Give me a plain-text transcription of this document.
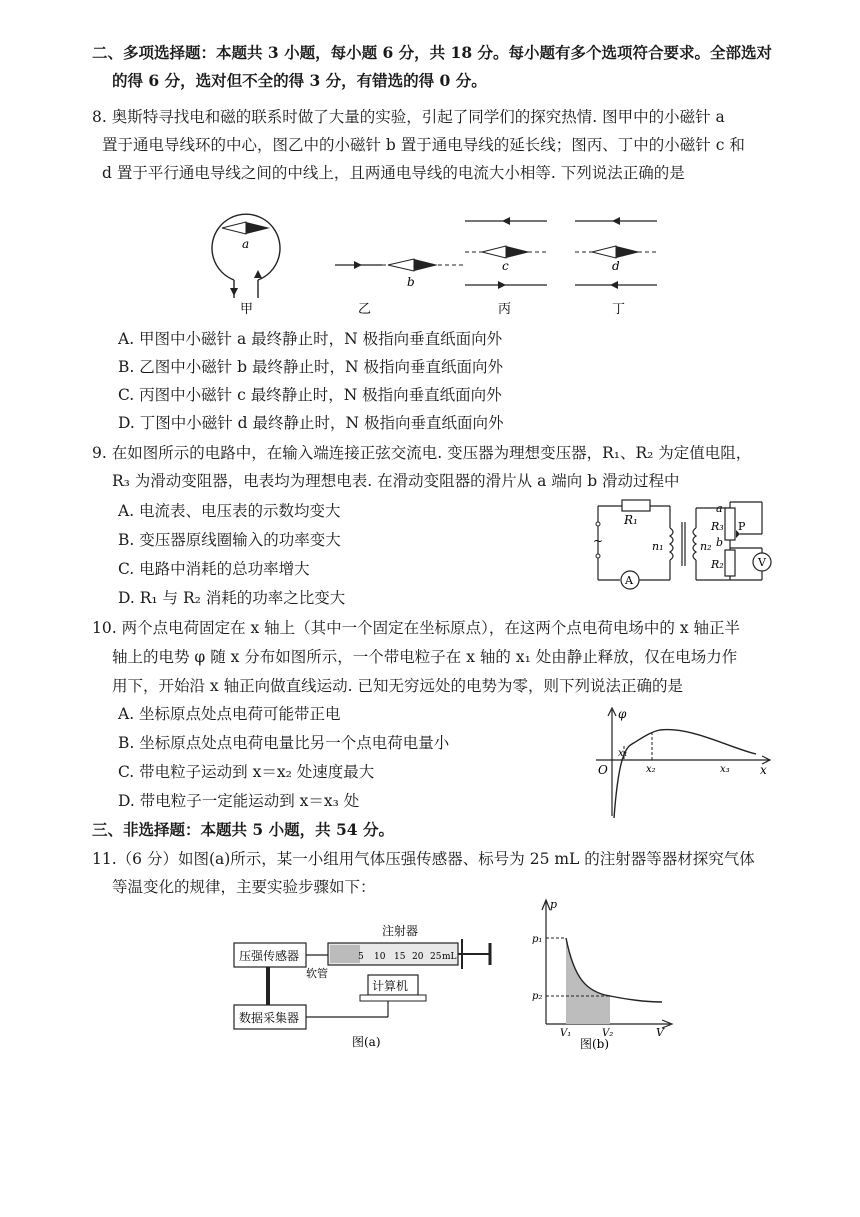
二、多项选择题：本题共 3 小题，每小题 6 分，共 18 分。每小题有多个选项符合要求。全部选对
的得 6 分，选对但不全的得 3 分，有错选的得 0 分。
8. 奥斯特寻找电和磁的联系时做了大量的实验，引起了同学们的探究热情. 图甲中的小磁针 a
置于通电导线环的中心，图乙中的小磁针 b 置于通电导线的延长线；图丙、丁中的小磁针 c 和
d 置于平行通电导线之间的中线上，且两通电导线的电流大小相等. 下列说法正确的是
a
甲
b
乙
c
丙
d
丁
A. 甲图中小磁针 a 最终静止时，N 极指向垂直纸面向外
B. 乙图中小磁针 b 最终静止时，N 极指向垂直纸面向外
C. 丙图中小磁针 c 最终静止时，N 极指向垂直纸面向外
D. 丁图中小磁针 d 最终静止时，N 极指向垂直纸面向外
9. 在如图所示的电路中，在输入端连接正弦交流电. 变压器为理想变压器，R₁、R₂ 为定值电阻，
R₃ 为滑动变阻器，电表均为理想电表. 在滑动变阻器的滑片从 a 端向 b 滑动过程中
A. 电流表、电压表的示数均变大
B. 变压器原线圈输入的功率变大
C. 电路中消耗的总功率增大
D. R₁ 与 R₂ 消耗的功率之比变大
~
R₁
A
n₁	n₂
R₃
a
b
P
R₂	V
10. 两个点电荷固定在 x 轴上（其中一个固定在坐标原点），在这两个点电荷电场中的 x 轴正半
轴上的电势 φ 随 x 分布如图所示，一个带电粒子在 x 轴的 x₁ 处由静止释放，仅在电场力作
用下，开始沿 x 轴正向做直线运动. 已知无穷远处的电势为零，则下列说法正确的是
A. 坐标原点处点电荷可能带正电
B. 坐标原点处点电荷电量比另一个点电荷电量小
C. 带电粒子运动到 x＝x₂ 处速度最大
D. 带电粒子一定能运动到 x＝x₃ 处
φ
x
O
x₁
x₂	x₃
三、非选择题：本题共 5 小题，共 54 分。
11.（6 分）如图(a)所示，某一小组用气体压强传感器、标号为 25 mL 的注射器等器材探究气体
等温变化的规律，主要实验步骤如下：
压强传感器
软管
注射器
5 10 15 20 25 mL
数据采集器
计算机
图(a)
p
V
p₁
p₂
V₁	V₂
图(b)
